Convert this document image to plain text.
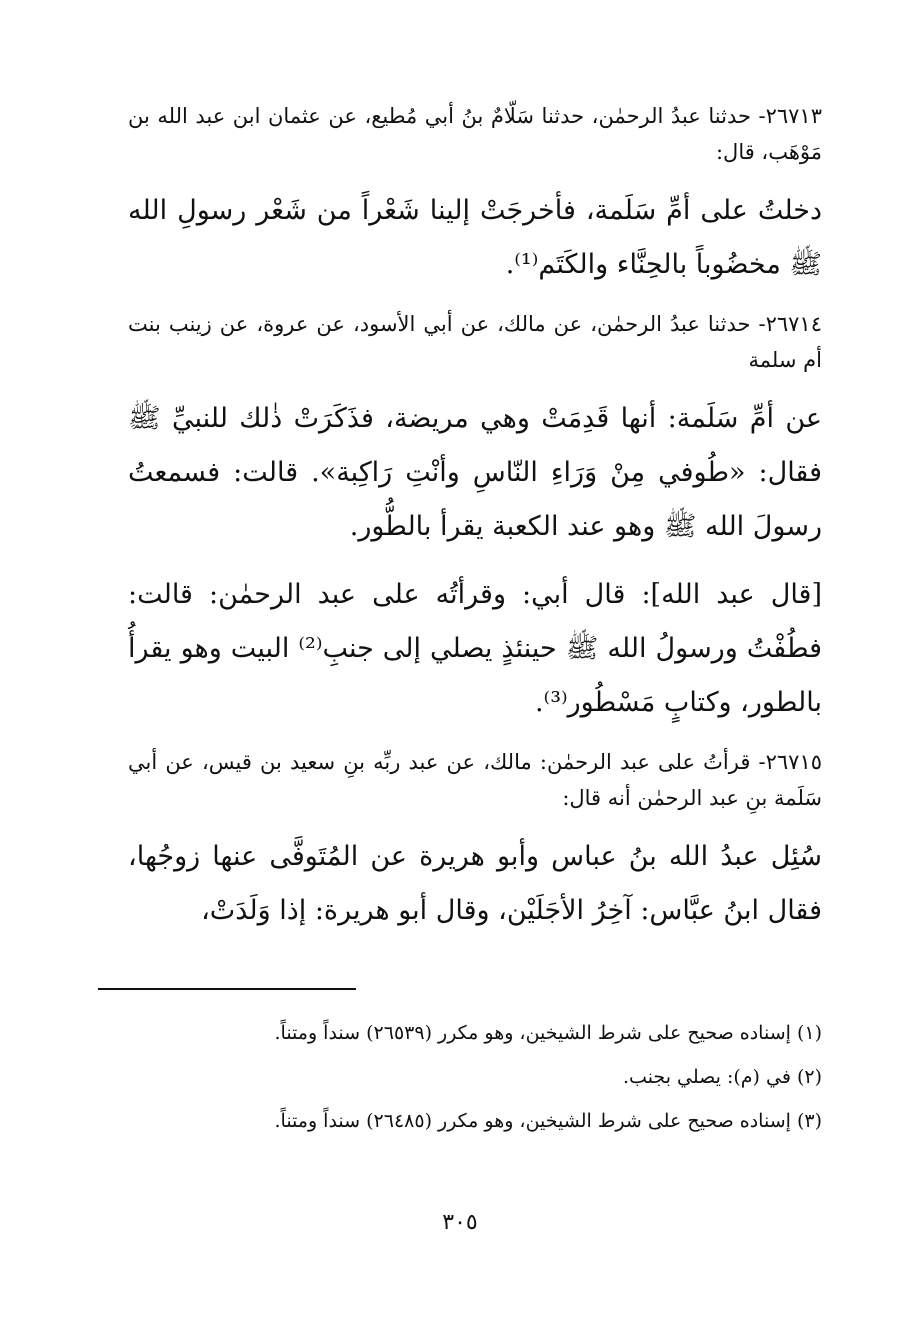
٢٦٧١٣- حدثنا عبدُ الرحمٰن، حدثنا سَلّامٌ بنُ أبي مُطيع، عن عثمان ابن عبد الله بن مَوْهَب، قال:

دخلتُ على أمِّ سَلَمة، فأخرجَتْ إلينا شَعْراً من شَعْر رسولِ الله ﷺ مخضُوباً بالحِنَّاء والكَتَم⁽¹⁾.

٢٦٧١٤- حدثنا عبدُ الرحمٰن، عن مالك، عن أبي الأسود، عن عروة، عن زينب بنت أم سلمة

عن أمِّ سَلَمة: أنها قَدِمَتْ وهي مريضة، فذَكَرَتْ ذٰلك للنبيِّ ﷺ فقال: «طُوفي مِنْ وَرَاءِ النّاسِ وأنْتِ رَاكِبة». قالت: فسمعتُ رسولَ الله ﷺ وهو عند الكعبة يقرأ بالطُّور.

[قال عبد الله]: قال أبي: وقرأتُه على عبد الرحمٰن: قالت: فطُفْتُ ورسولُ الله ﷺ حينئذٍ يصلي إلى جنبِ⁽²⁾ البيت وهو يقرأُ بالطور، وكتابٍ مَسْطُور⁽³⁾.

٢٦٧١٥- قرأتُ على عبد الرحمٰن: مالك، عن عبد ربِّه بنِ سعيد بن قيس، عن أبي سَلَمة بنِ عبد الرحمٰن أنه قال:

سُئِل عبدُ الله بنُ عباس وأبو هريرة عن المُتَوفَّى عنها زوجُها، فقال ابنُ عبَّاس: آخِرُ الأجَلَيْن، وقال أبو هريرة: إذا وَلَدَتْ،

(١) إسناده صحيح على شرط الشيخين، وهو مكرر (٢٦٥٣٩) سنداً ومتناً.

(٢) في (م): يصلي بجنب.

(٣) إسناده صحيح على شرط الشيخين، وهو مكرر (٢٦٤٨٥) سنداً ومتناً.

٣٠٥
